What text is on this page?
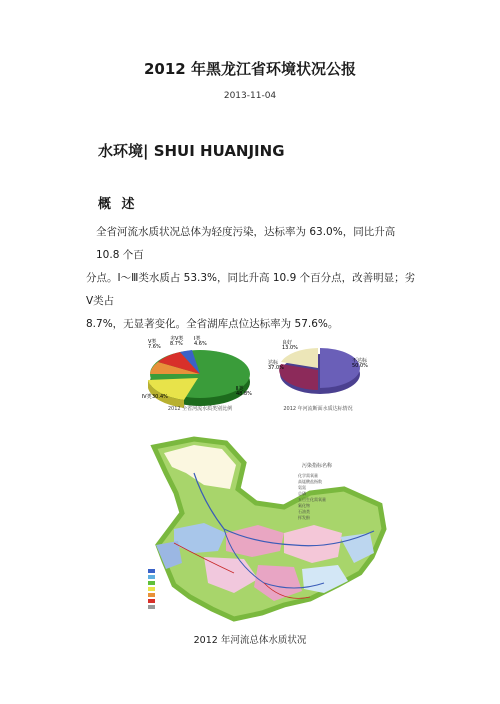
2012 年黑龙江省环境状况公报
2013-11-04
水环境| SHUI HUANJING
概 述

全省河流水质状况总体为轻度污染，达标率为 63.0%，同比升高 10.8 个百

分点。Ⅰ～Ⅲ类水质占 53.3%，同比升高 10.9 个百分点，改善明显；劣Ⅴ类占

8.7%，无显著变化。全省湖库点位达标率为 57.6%。

Ⅴ类
7.6%
劣Ⅴ类
8.7%
Ⅰ类
4.6%
Ⅱ类
48.8%
Ⅳ类 30.4%
2012 全省河流水质类别比例
良好
13.0%
达标
37.0%
不达标
50.0%
2012 年河流断面水质达标情况
污染指标名称
化学需氧量
高锰酸盐指数
氨氮
总磷
五日生化需氧量
氟化物
石油类
挥发酚
2012 年河流总体水质状况
